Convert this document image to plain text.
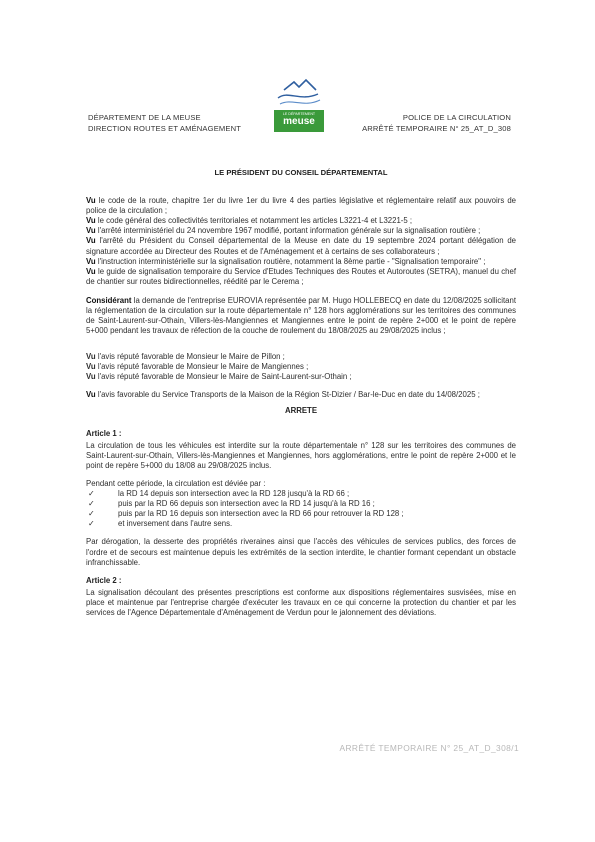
DÉPARTEMENT DE LA MEUSE
DIRECTION ROUTES ET AMÉNAGEMENT
LE DÉPARTEMENT
meuse	POLICE DE LA CIRCULATION
ARRÊTÉ TEMPORAIRE N° 25_AT_D_308
LE PRÉSIDENT DU CONSEIL DÉPARTEMENTAL

Vu le code de la route, chapitre 1er du livre 1er du livre 4 des parties législative et réglementaire relatif aux pouvoirs de police de la circulation ;

Vu le code général des collectivités territoriales et notamment les articles L3221-4 et L3221-5 ;

Vu l'arrêté interministériel du 24 novembre 1967 modifié, portant information générale sur la signalisation routière ;

Vu l'arrêté du Président du Conseil départemental de la Meuse en date du 19 septembre 2024 portant délégation de signature accordée au Directeur des Routes et de l'Aménagement et à certains de ses collaborateurs ;

Vu l'instruction interministérielle sur la signalisation routière, notamment la 8ème partie - "Signalisation temporaire" ;

Vu le guide de signalisation temporaire du Service d'Etudes Techniques des Routes et Autoroutes (SETRA), manuel du chef de chantier sur routes bidirectionnelles, réédité par le Cerema ;

Considérant la demande de l'entreprise EUROVIA représentée par M. Hugo HOLLEBECQ en date du 12/08/2025 sollicitant la réglementation de la circulation sur la route départementale n° 128 hors agglomérations sur les territoires des communes de Saint-Laurent-sur-Othain, Villers-lès-Mangiennes et Mangiennes entre le point de repère 2+000 et le point de repère 5+000 pendant les travaux de réfection de la couche de roulement du 18/08/2025 au 29/08/2025 inclus ;

Vu l'avis réputé favorable de Monsieur le Maire de Pillon ;

Vu l'avis réputé favorable de Monsieur le Maire de Mangiennes ;

Vu l'avis réputé favorable de Monsieur le Maire de Saint-Laurent-sur-Othain ;

Vu l'avis favorable du Service Transports de la Maison de la Région St-Dizier / Bar-le-Duc en date du 14/08/2025 ;

ARRETE
Article 1 :

La circulation de tous les véhicules est interdite sur la route départementale n° 128 sur les territoires des communes de Saint-Laurent-sur-Othain, Villers-lès-Mangiennes et Mangiennes, hors agglomérations, entre le point de repère 2+000 et le point de repère 5+000 du 18/08 au 29/08/2025 inclus.

Pendant cette période, la circulation est déviée par :

✓	la RD 14 depuis son intersection avec la RD 128 jusqu'à la RD 66 ;
✓	puis par la RD 66 depuis son intersection avec la RD 14 jusqu'à la RD 16 ;
✓	puis par la RD 16 depuis son intersection avec la RD 66 pour retrouver la RD 128 ;
✓	et inversement dans l'autre sens.

Par dérogation, la desserte des propriétés riveraines ainsi que l'accès des véhicules de services publics, des forces de l'ordre et de secours est maintenue depuis les extrémités de la section interdite, le chantier formant cependant un obstacle infranchissable.

Article 2 :

La signalisation découlant des présentes prescriptions est conforme aux dispositions réglementaires susvisées, mise en place et maintenue par l'entreprise chargée d'exécuter les travaux en ce qui concerne la protection du chantier et par les services de l'Agence Départementale d'Aménagement de Verdun pour le jalonnement des déviations.

ARRÊTÉ TEMPORAIRE N° 25_AT_D_308/1
